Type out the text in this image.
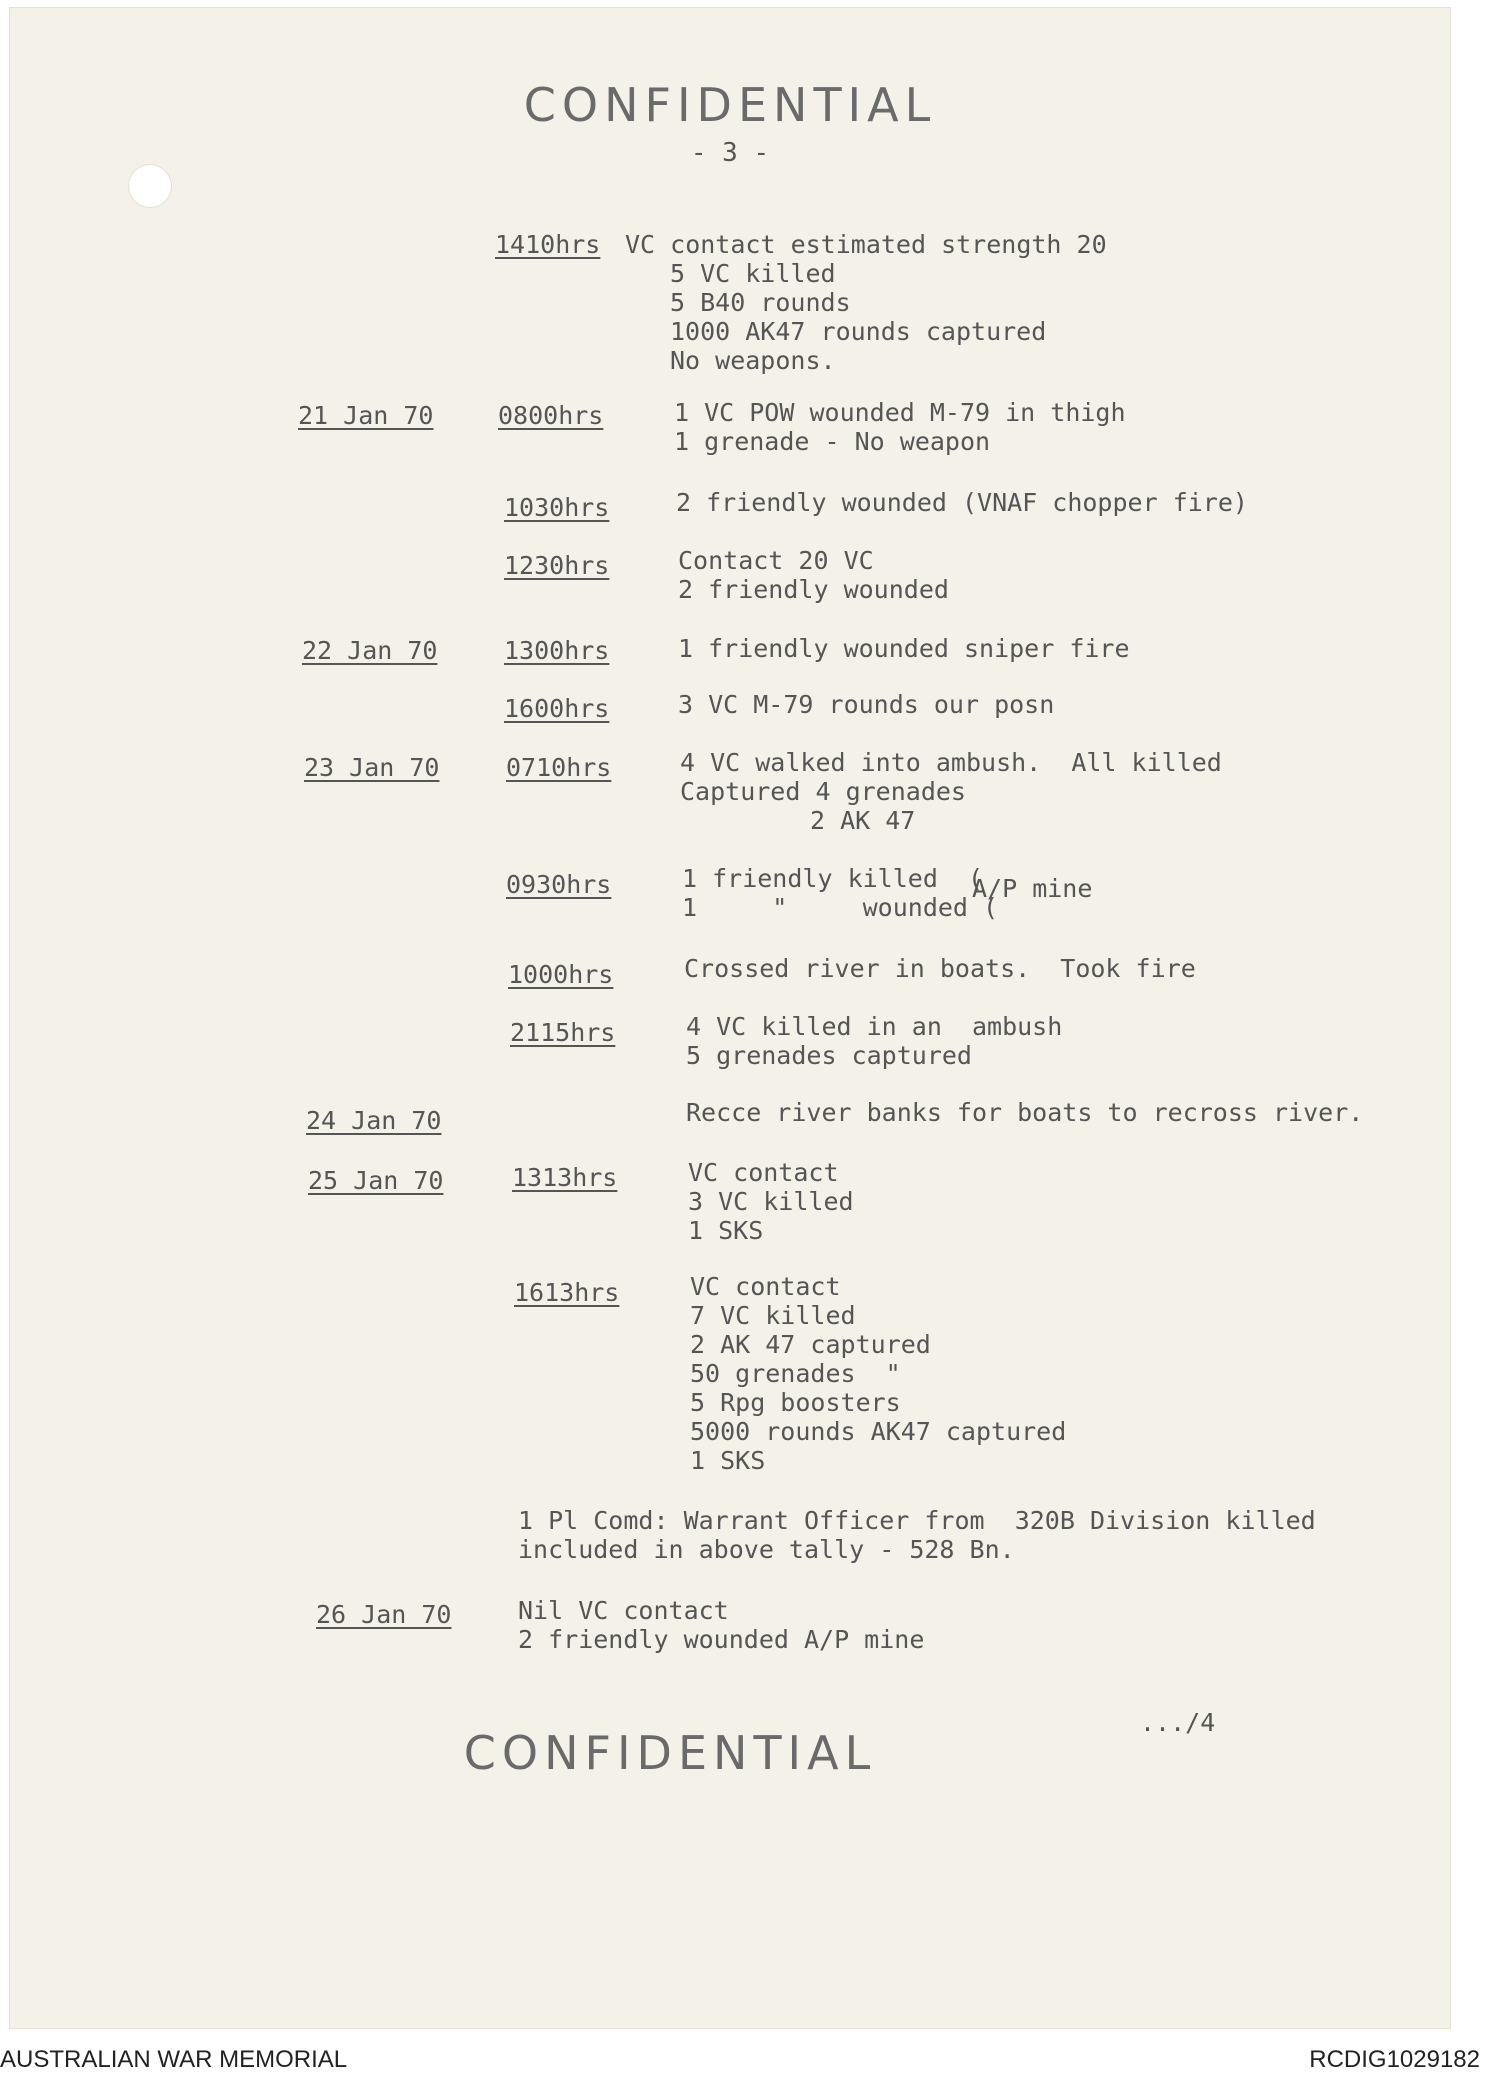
CONFIDENTIAL
- 3 -
1410hrs VC contact estimated strength 20
5 VC killed
5 B40 rounds
1000 AK47 rounds captured
No weapons.
21 Jan 70	0800hrs	1 VC POW wounded M-79 in thigh
1 grenade - No weapon
1030hrs	2 friendly wounded (VNAF chopper fire)
1230hrs	Contact 20 VC
2 friendly wounded
22 Jan 70	1300hrs	1 friendly wounded sniper fire
1600hrs	3 VC M-79 rounds our posn
23 Jan 70	0710hrs	4 VC walked into ambush.  All killed
Captured 4 grenades
2 AK 47
0930hrs	1 friendly killed  (
1     "     wounded (
A/P mine
1000hrs	Crossed river in boats.  Took fire
2115hrs	4 VC killed in an  ambush
5 grenades captured
24 Jan 70	Recce river banks for boats to recross river.
25 Jan 70	1313hrs	VC contact
3 VC killed
1 SKS
1613hrs	VC contact
7 VC killed
2 AK 47 captured
50 grenades  "
5 Rpg boosters
5000 rounds AK47 captured
1 SKS
1 Pl Comd: Warrant Officer from  320B Division killed
included in above tally - 528 Bn.
26 Jan 70	Nil VC contact
2 friendly wounded A/P mine
.../4
CONFIDENTIAL
AUSTRALIAN WAR MEMORIAL	RCDIG1029182
